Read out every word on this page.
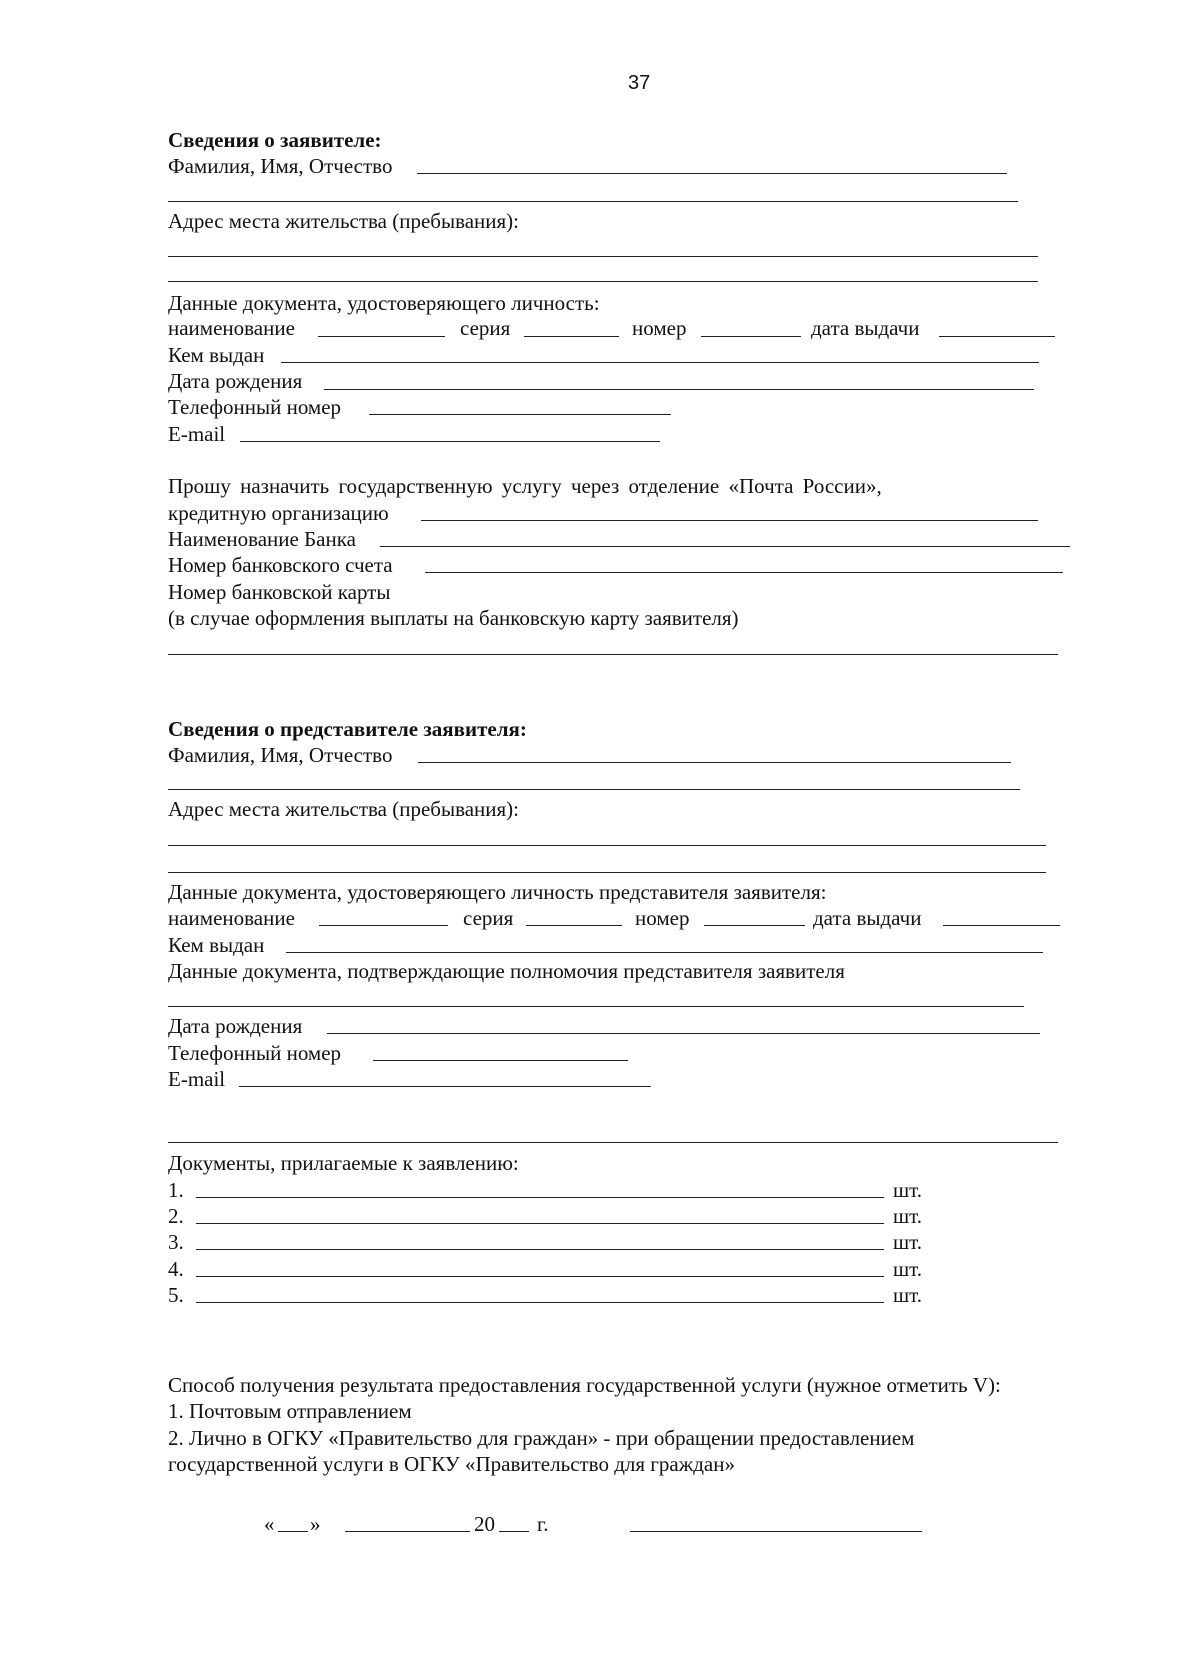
37
Сведения о заявителе:
Фамилия, Имя, Отчество
Адрес места жительства (пребывания):
Данные документа, удостоверяющего личность:
наименование	серия	номер	дата выдачи
Кем выдан
Дата рождения
Телефонный номер
E-mail
Прошу назначить государственную услугу через отделение «Почта России»,
кредитную организацию
Наименование Банка
Номер банковского счета
Номер банковской карты
(в случае оформления выплаты на банковскую карту заявителя)
Сведения о представителе заявителя:
Фамилия, Имя, Отчество
Адрес места жительства (пребывания):
Данные документа, удостоверяющего личность представителя заявителя:
наименование	серия	номер	дата выдачи
Кем выдан
Данные документа, подтверждающие полномочия представителя заявителя
Дата рождения
Телефонный номер
E-mail
Документы, прилагаемые к заявлению:
1.	шт.
2.	шт.
3.	шт.
4.	шт.
5.	шт.
Способ получения результата предоставления государственной услуги (нужное отметить V):
1. Почтовым отправлением
2. Лично в ОГКУ «Правительство для граждан» - при обращении предоставлением
государственной услуги в ОГКУ «Правительство для граждан»
« »	20 г.
